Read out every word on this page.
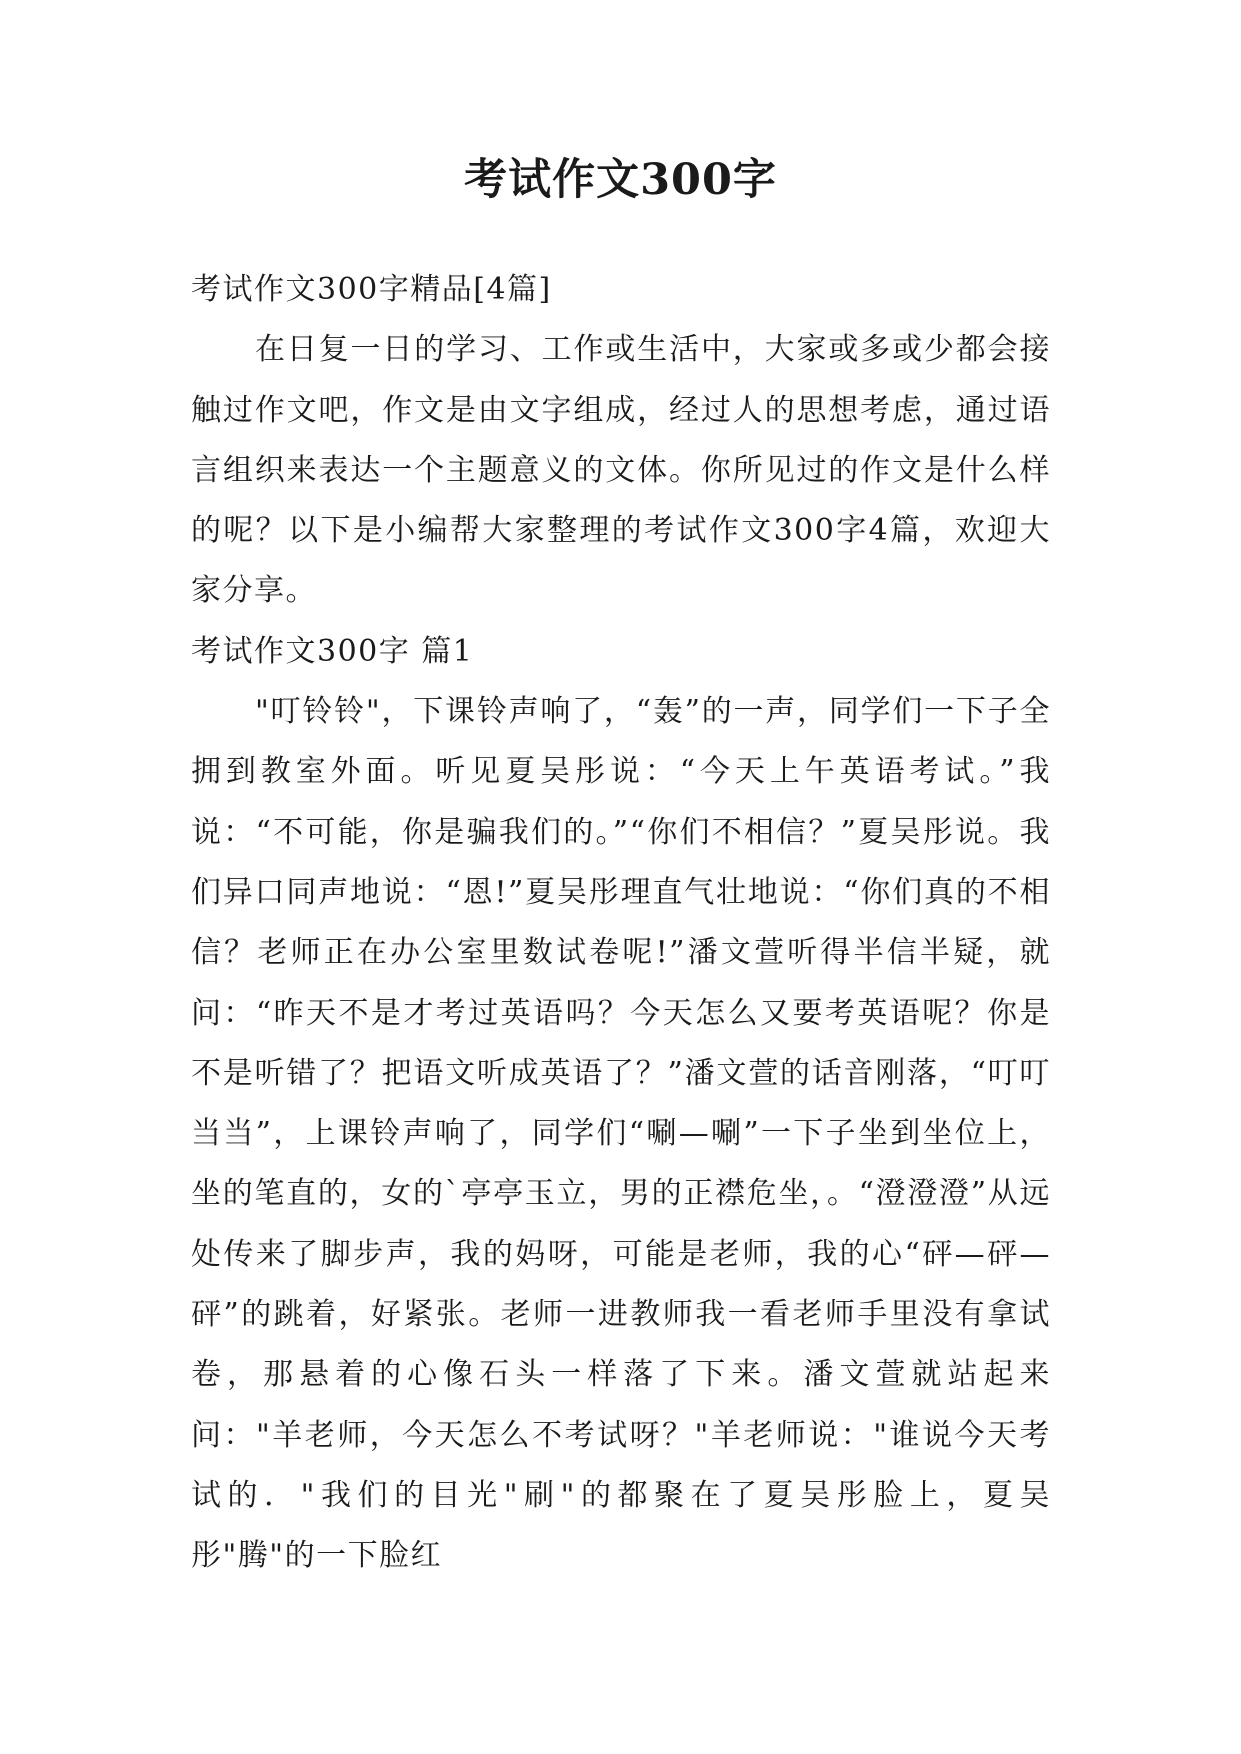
考试作文300字

考试作文300字精品[4篇]

在日复一日的学习、工作或生活中，大家或多或少都会接触过作文吧，作文是由文字组成，经过人的思想考虑，通过语言组织来表达一个主题意义的文体。你所见过的作文是什么样的呢？以下是小编帮大家整理的考试作文300字4篇，欢迎大家分享。

考试作文300字 篇1

"叮铃铃"，下课铃声响了，“轰”的一声，同学们一下子全拥到教室外面。听见夏吴彤说：“今天上午英语考试。”我说：“不可能，你是骗我们的。”“你们不相信？”夏吴彤说。我们异口同声地说：“恩!”夏吴彤理直气壮地说：“你们真的不相信？老师正在办公室里数试卷呢!”潘文萱听得半信半疑，就问：“昨天不是才考过英语吗？今天怎么又要考英语呢？你是不是听错了？把语文听成英语了？”潘文萱的话音刚落，“叮叮当当”，上课铃声响了，同学们“唰—唰”一下子坐到坐位上，坐的笔直的，女的`亭亭玉立，男的正襟危坐，。“澄澄澄”从远处传来了脚步声，我的妈呀，可能是老师，我的心“砰—砰—砰”的跳着，好紧张。老师一进教师我一看老师手里没有拿试卷，那悬着的心像石头一样落了下来。潘文萱就站起来问："羊老师，今天怎么不考试呀？"羊老师说："谁说今天考试的．"我们的目光"刷"的都聚在了夏吴彤脸上，夏吴彤"腾"的一下脸红
